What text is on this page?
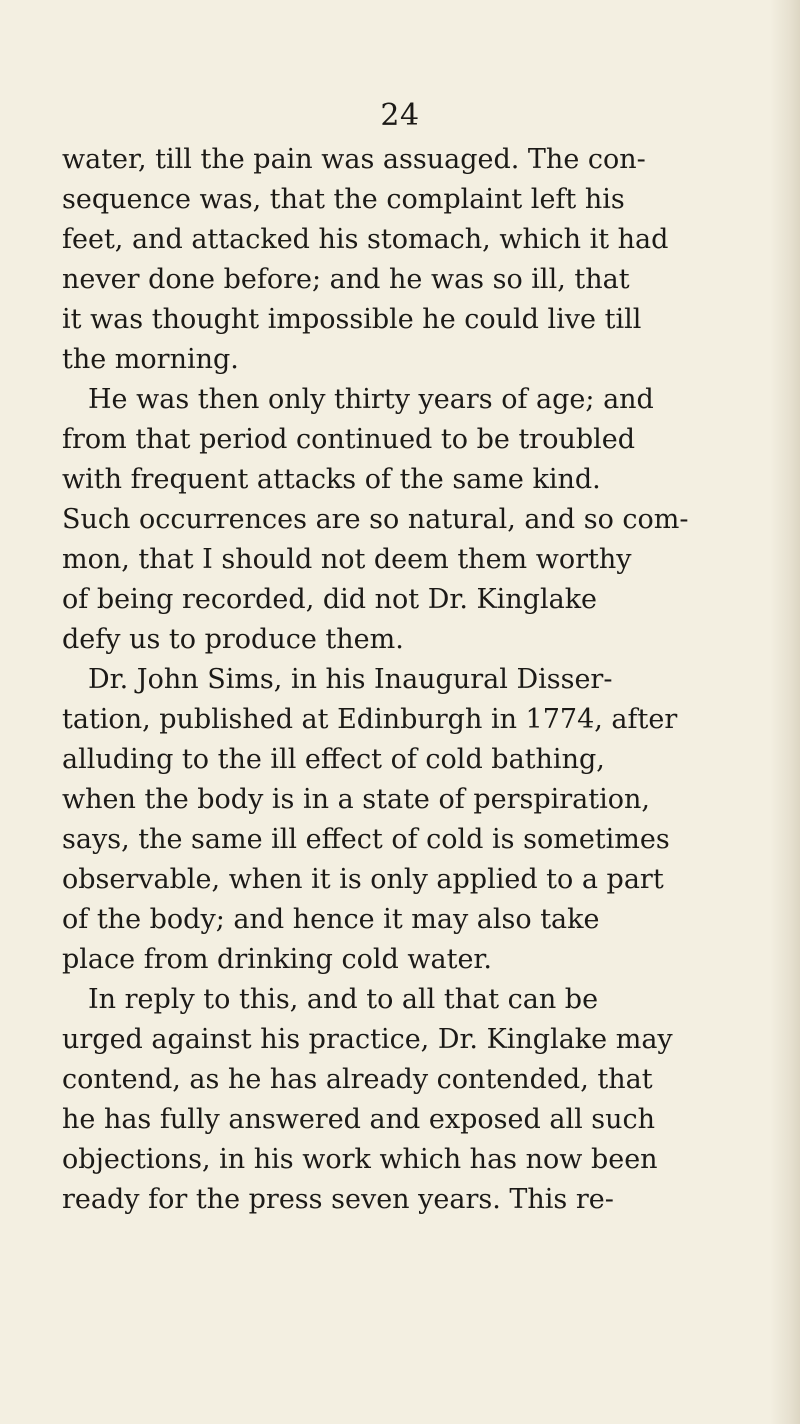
24
water, till the pain was assuaged. The con-
sequence was, that the complaint left his
feet, and attacked his stomach, which it had
never done before; and he was so ill, that
it was thought impossible he could live till
the morning.
He was then only thirty years of age; and
from that period continued to be troubled
with frequent attacks of the same kind.
Such occurrences are so natural, and so com-
mon, that I should not deem them worthy
of being recorded, did not Dr. Kinglake
defy us to produce them.
Dr. John Sims, in his Inaugural Disser-
tation, published at Edinburgh in 1774, after
alluding to the ill effect of cold bathing,
when the body is in a state of perspiration,
says, the same ill effect of cold is sometimes
observable, when it is only applied to a part
of the body; and hence it may also take
place from drinking cold water.
In reply to this, and to all that can be
urged against his practice, Dr. Kinglake may
contend, as he has already contended, that
he has fully answered and exposed all such
objections, in his work which has now been
ready for the press seven years. This re-
